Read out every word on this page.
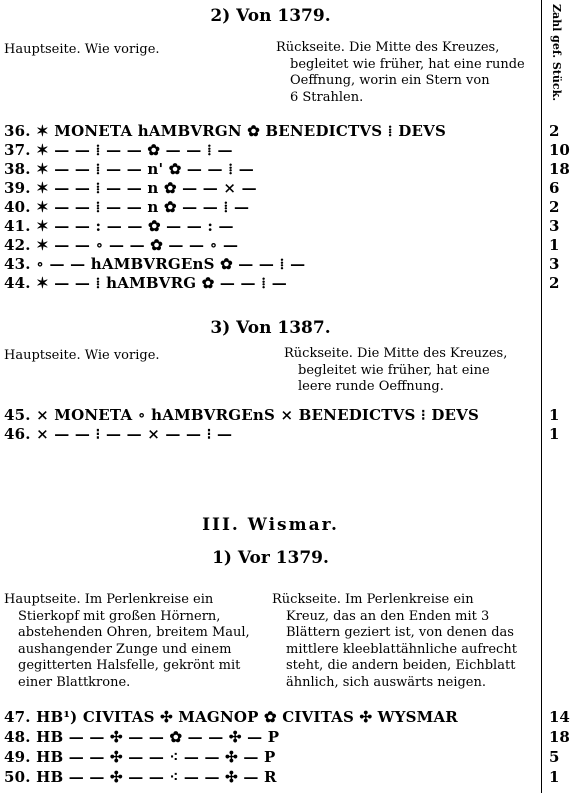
Zahl gef. Stück.
2) Von 1379.
Hauptseite. Wie vorige.	Rückseite. Die Mitte des Kreuzes,
begleitet wie früher, hat eine runde
Oeffnung, worin ein Stern von
6 Strahlen.
36. ✶ MONETA hAMBVRGN ✿ BENEDICTVS ⁞ DEVS	2
37. ✶ — — ⁞ — — ✿ — — ⁞ —	10
38. ✶ — — ⁞ — — n' ✿ — — ⁞ —	18
39. ✶ — — ⁞ — — n ✿ — — × —	6
40. ✶ — — ⁞ — — n ✿ — — ⁞ —	2
41. ✶ — — : — — ✿ — — : —	3
42. ✶ — — ∘ — — ✿ — — ∘ —	1
43. ∘ — — hAMBVRGEnS ✿ — — ⁞ —	3
44. ✶ — — ⁞ hAMBVRG ✿ — — ⁞ —	2
3) Von 1387.
Hauptseite. Wie vorige.	Rückseite. Die Mitte des Kreuzes,
begleitet wie früher, hat eine
leere runde Oeffnung.
45. × MONETA ∘ hAMBVRGEnS × BENEDICTVS ⁝ DEVS	1
46. × — — ⁝ — — × — — ⁝ —	1
III. Wismar.
1) Vor 1379.
Hauptseite. Im Perlenkreise ein
Stierkopf mit großen Hörnern,
abstehenden Ohren, breitem Maul,
aushangender Zunge und einem
gegitterten Halsfelle, gekrönt mit
einer Blattkrone.
Rückseite. Im Perlenkreise ein
Kreuz, das an den Enden mit 3
Blättern geziert ist, von denen das
mittlere kleeblattähnliche aufrecht
steht, die andern beiden, Eichblatt
ähnlich, sich auswärts neigen.
47. HB¹) CIVITAS ✣ MAGNOP ✿ CIVITAS ✣ WYSMAR	14
48. HB — — ✣ — — ✿ — — ✣ — P	18
49. HB — — ✣ — — ⁖ — — ✣ — P	5
50. HB — — ✣ — — ⁖ — — ✣ — R	1
